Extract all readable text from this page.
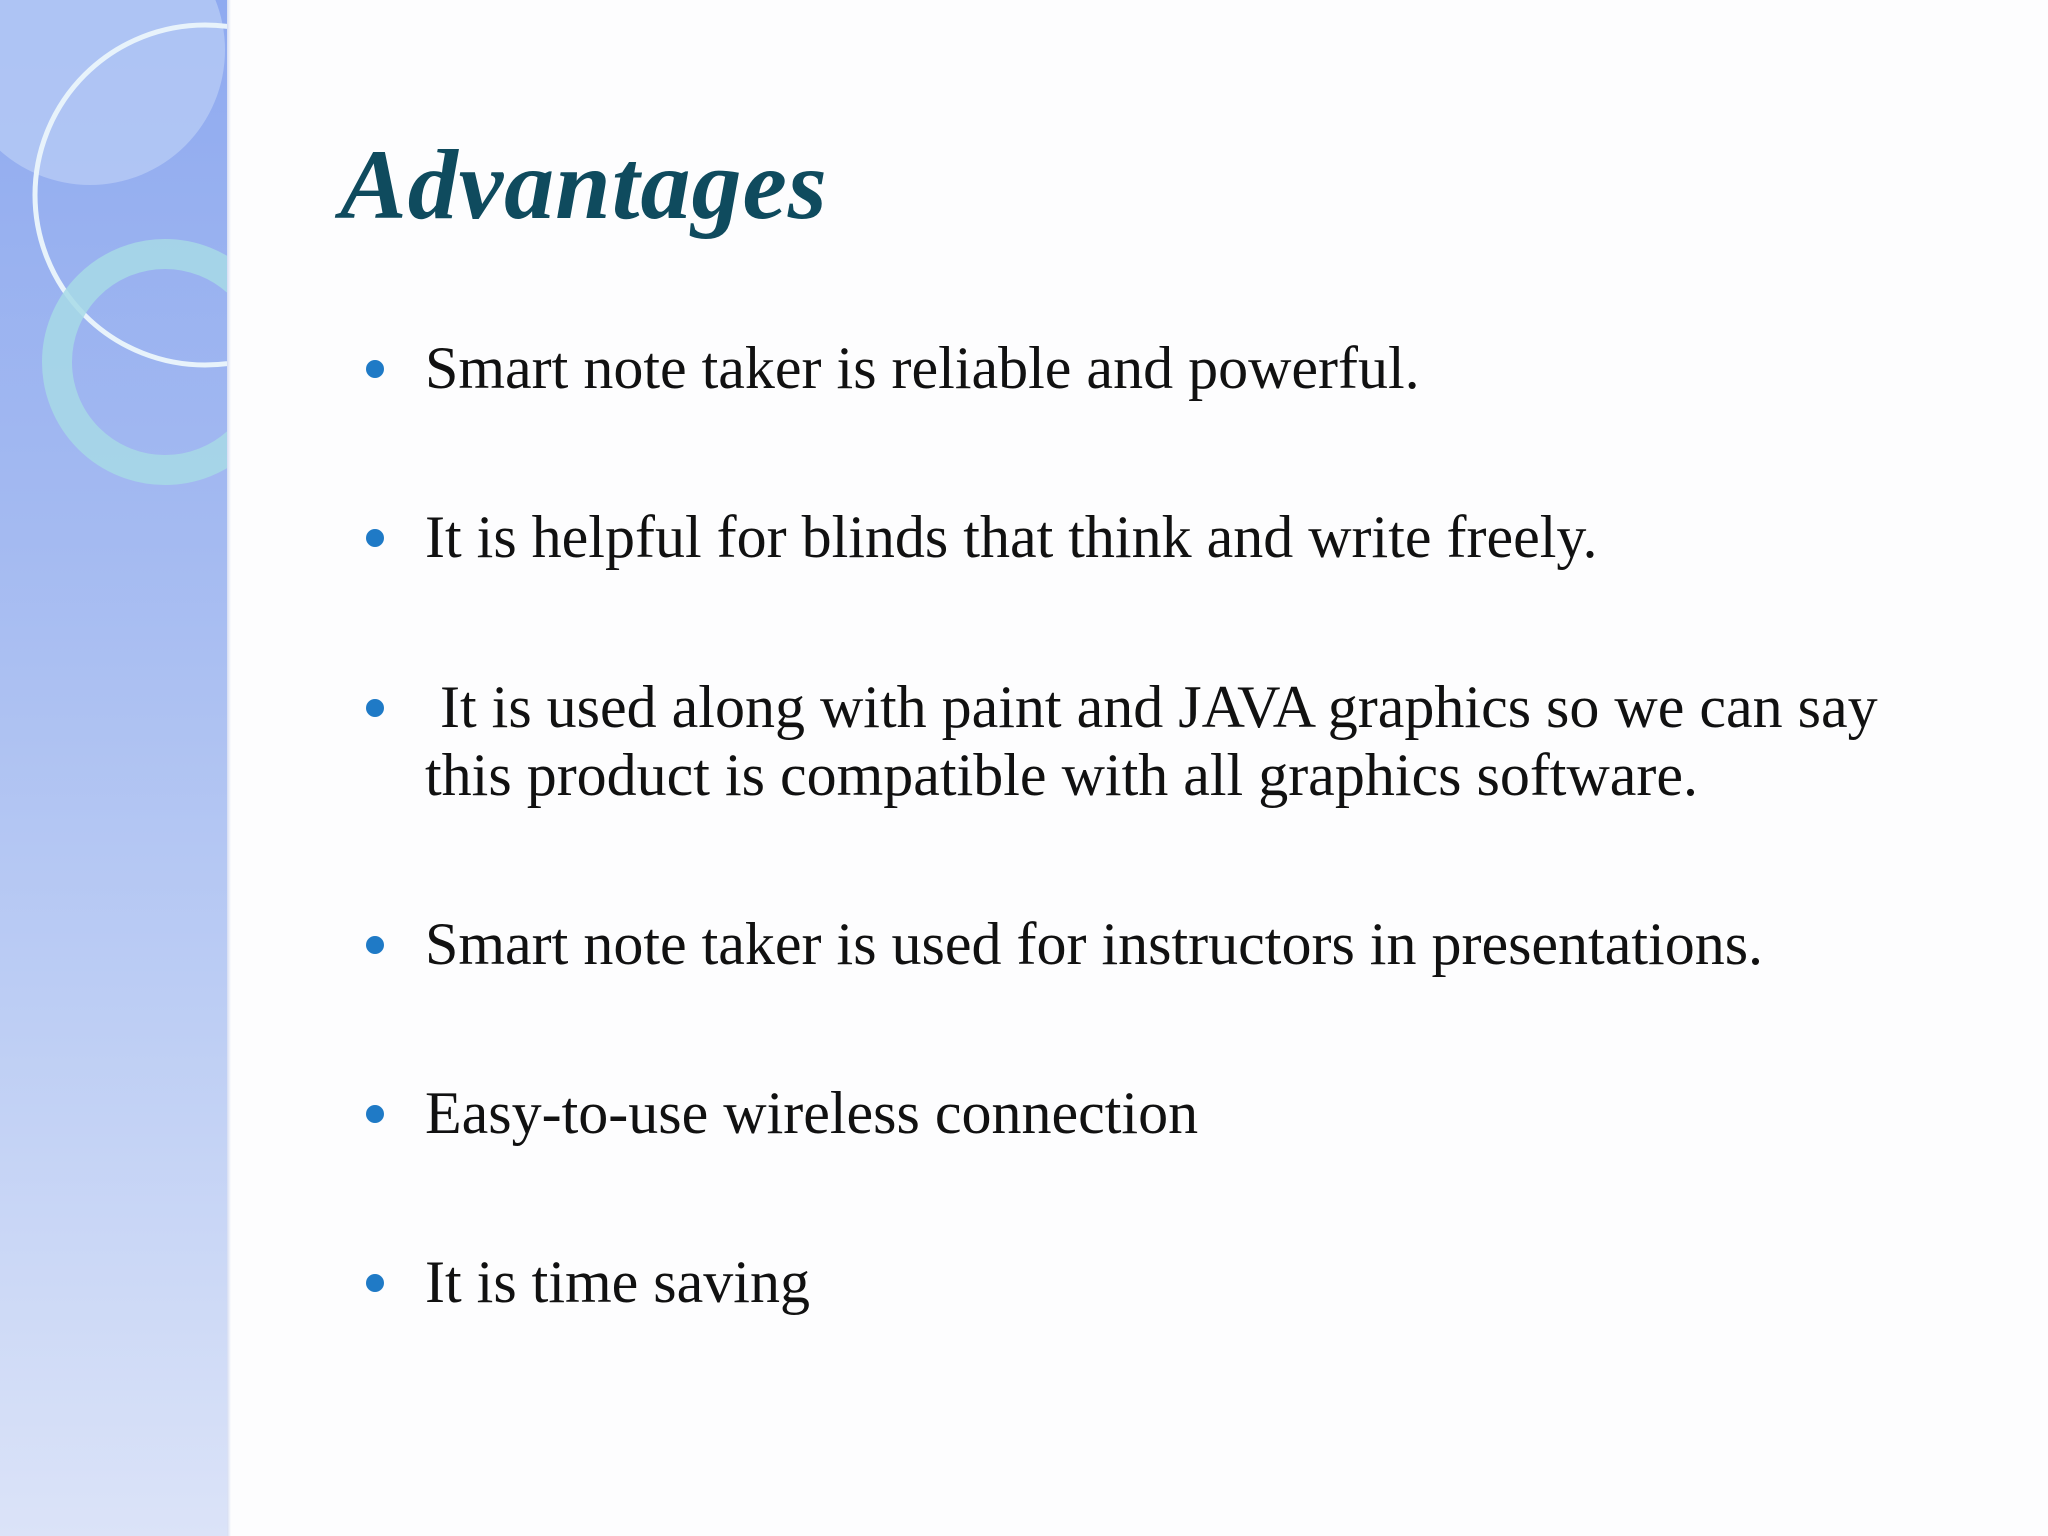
Advantages
Smart note taker is reliable and powerful.
It is helpful for blinds that think and write freely.
It is used along with paint and JAVA graphics so we can say
this product is compatible with all graphics software.
Smart note taker is used for instructors in presentations.
Easy-to-use wireless connection
It is time saving
